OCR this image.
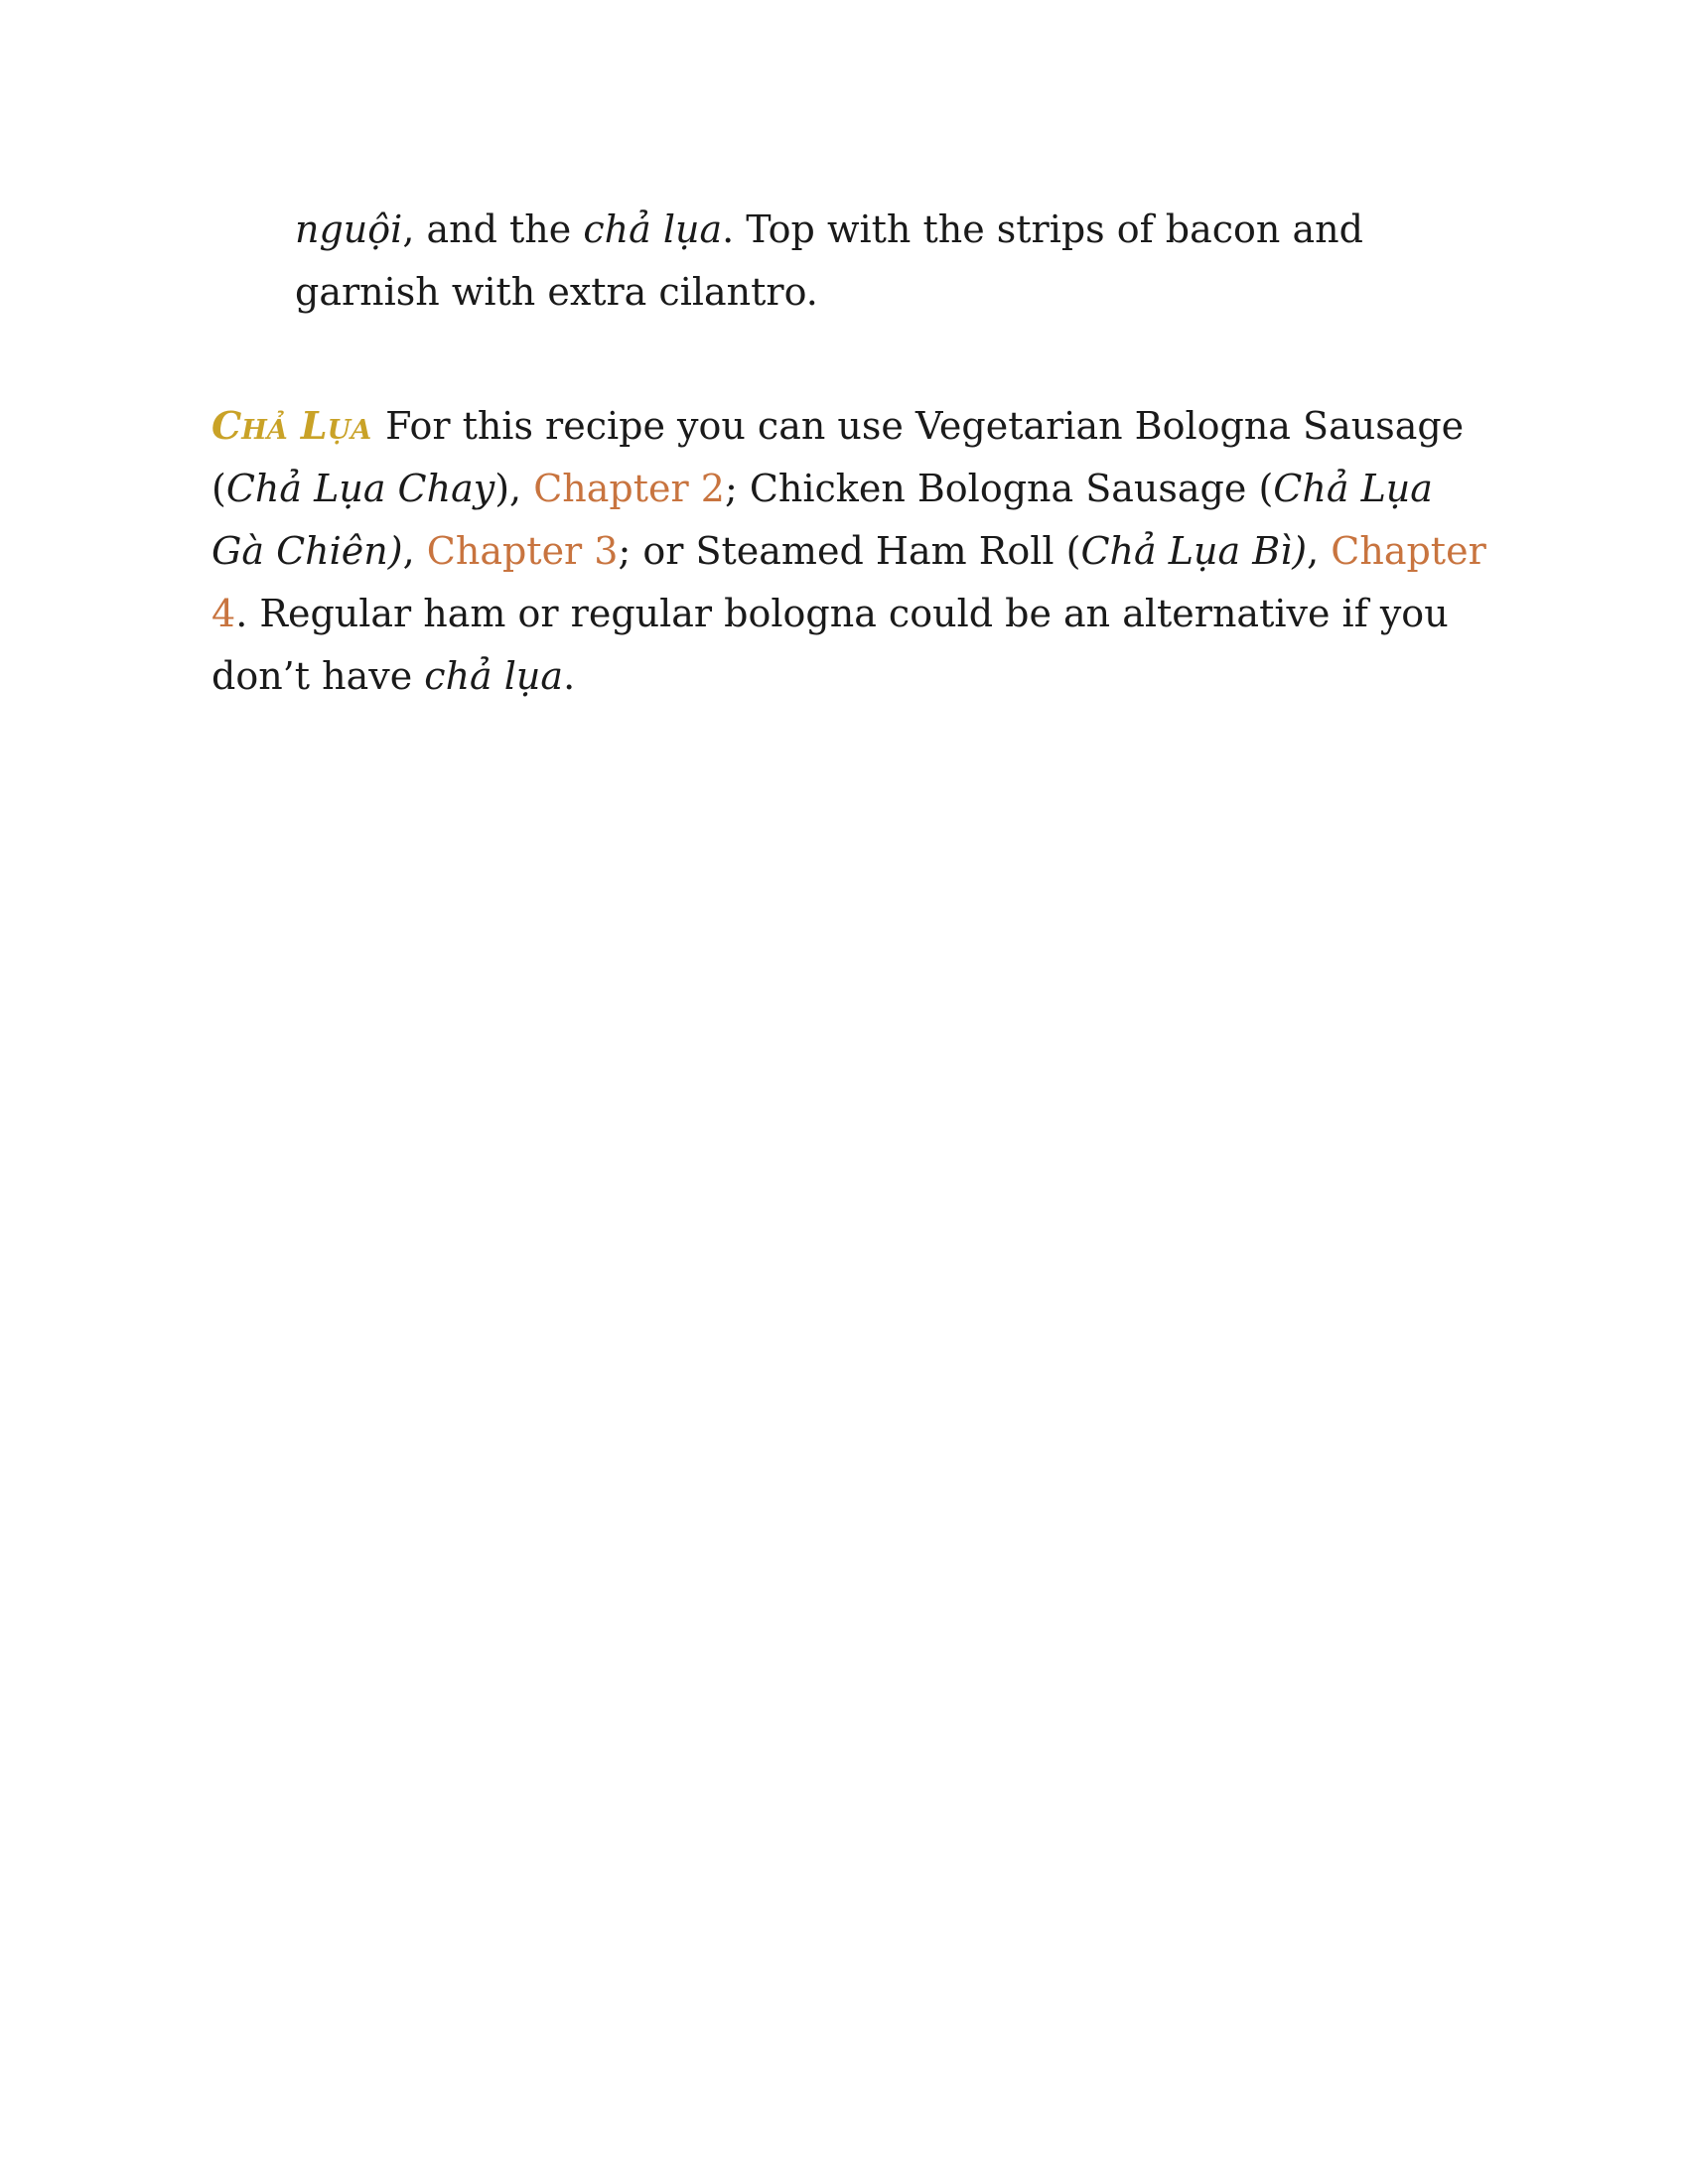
nguội, and the chả lụa. Top with the strips of bacon and garnish with extra cilantro.

Chả Lụa For this recipe you can use Vegetarian Bologna Sausage (Chả Lụa Chay), Chapter 2; Chicken Bologna Sausage (Chả Lụa Gà Chiên), Chapter 3; or Steamed Ham Roll (Chả Lụa Bì), Chapter 4. Regular ham or regular bologna could be an alternative if you don’t have chả lụa.
